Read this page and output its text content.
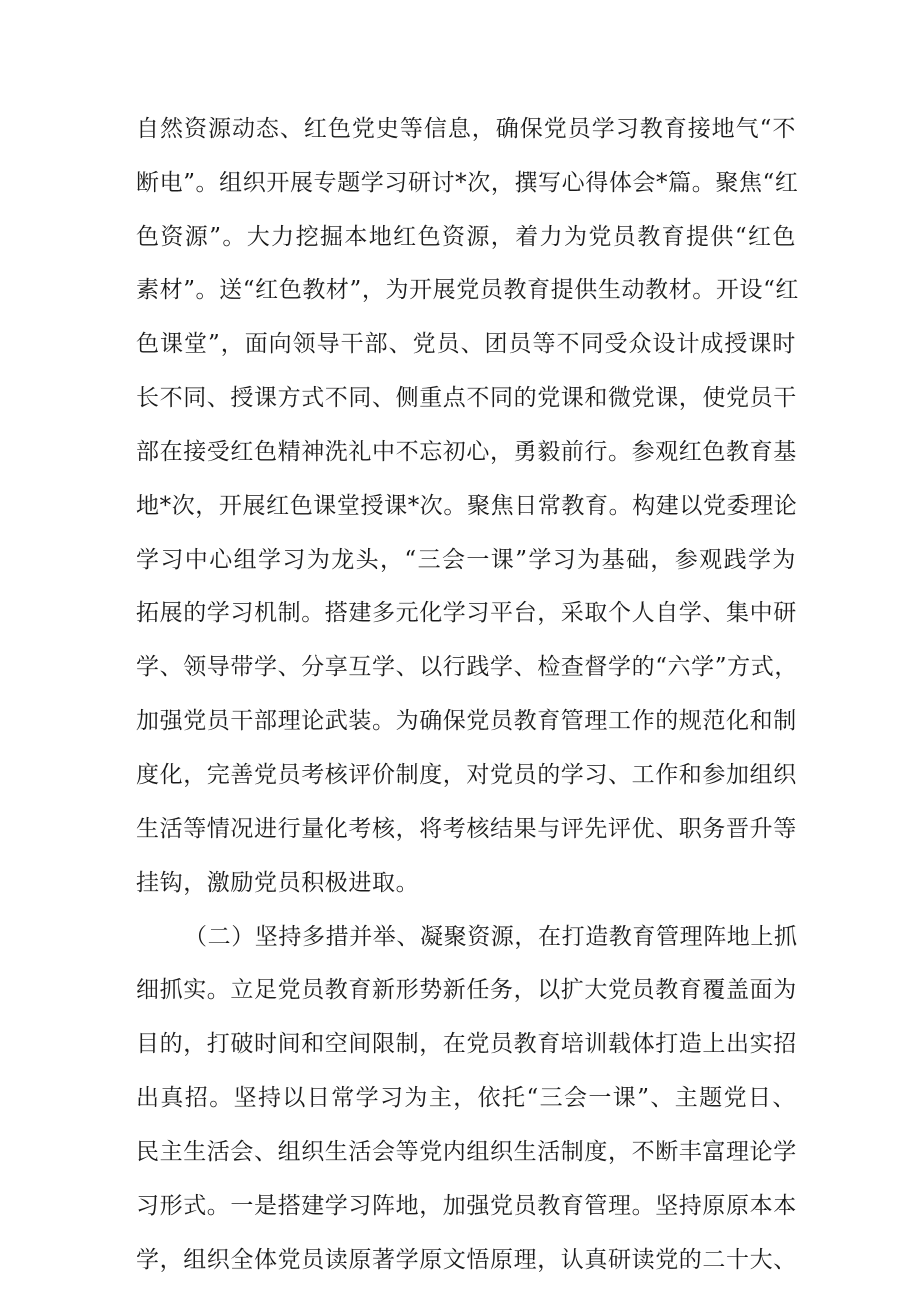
自然资源动态、红色党史等信息，确保党员学习教育接地气“不
断电”。组织开展专题学习研讨*次，撰写心得体会*篇。聚焦“红
色资源”。大力挖掘本地红色资源，着力为党员教育提供“红色
素材”。送“红色教材”，为开展党员教育提供生动教材。开设“红
色课堂”，面向领导干部、党员、团员等不同受众设计成授课时
长不同、授课方式不同、侧重点不同的党课和微党课，使党员干
部在接受红色精神洗礼中不忘初心，勇毅前行。参观红色教育基
地*次，开展红色课堂授课*次。聚焦日常教育。构建以党委理论
学习中心组学习为龙头，“三会一课”学习为基础，参观践学为
拓展的学习机制。搭建多元化学习平台，采取个人自学、集中研
学、领导带学、分享互学、以行践学、检查督学的“六学”方式，
加强党员干部理论武装。为确保党员教育管理工作的规范化和制
度化，完善党员考核评价制度，对党员的学习、工作和参加组织
生活等情况进行量化考核，将考核结果与评先评优、职务晋升等
挂钩，激励党员积极进取。
（二）坚持多措并举、凝聚资源，在打造教育管理阵地上抓
细抓实。立足党员教育新形势新任务，以扩大党员教育覆盖面为
目的，打破时间和空间限制，在党员教育培训载体打造上出实招
出真招。坚持以日常学习为主，依托“三会一课”、主题党日、
民主生活会、组织生活会等党内组织生活制度，不断丰富理论学
习形式。一是搭建学习阵地，加强党员教育管理。坚持原原本本
学，组织全体党员读原著学原文悟原理，认真研读党的二十大、
